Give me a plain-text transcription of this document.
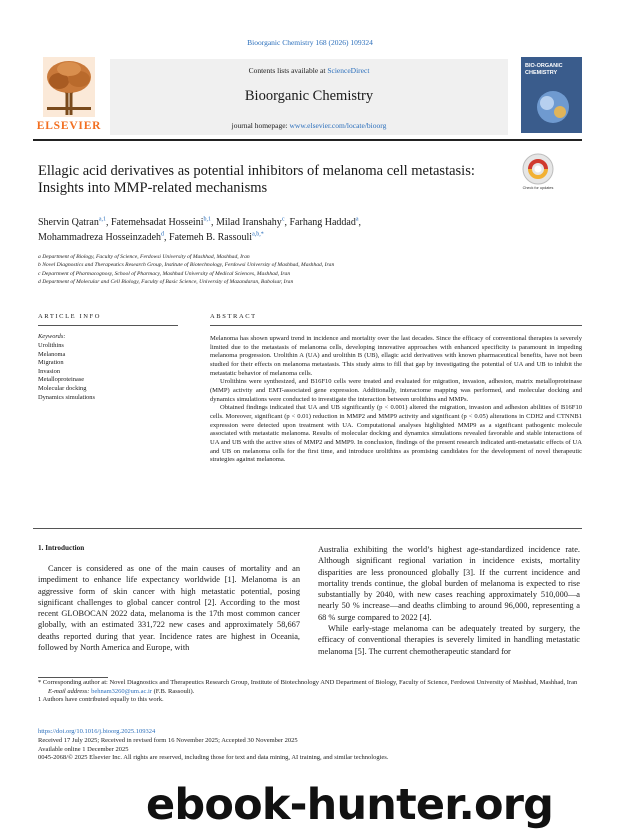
Bioorganic Chemistry 168 (2026) 109324
Contents lists available at ScienceDirect
Bioorganic Chemistry
journal homepage: www.elsevier.com/locate/bioorg
ELSEVIER
BIO-ORGANIC CHEMISTRY
Check for updates
Ellagic acid derivatives as potential inhibitors of melanoma cell metastasis: Insights into MMP-related mechanisms
Shervin Qatran$^{a,1}$, Fatemehsadat Hosseini$^{b,1}$, Milad Iranshahy$^c$, Farhang Haddad$^a$,
Mohammadreza Hosseinzadeh$^d$, Fatemeh B. Rassouli$^{a,b,*}$
a Department of Biology, Faculty of Science, Ferdowsi University of Mashhad, Mashhad, Iran
b Novel Diagnostics and Therapeutics Research Group, Institute of Biotechnology, Ferdowsi University of Mashhad, Mashhad, Iran
c Department of Pharmacognosy, School of Pharmacy, Mashhad University of Medical Sciences, Mashhad, Iran
d Department of Molecular and Cell Biology, Faculty of Basic Science, University of Mazandaran, Babolsar, Iran
ARTICLE INFO	ABSTRACT
Keywords:
Urolithins
Melanoma
Migration
Invasion
Metalloproteinase
Molecular docking
Dynamics simulations

Melanoma has shown upward trend in incidence and mortality over the last decades. Since the efficacy of conventional therapies is severely limited due to the metastasis of melanoma cells, developing innovative approaches with enhanced specificity is paramount in impeding melanoma progression. Urolithin A (UA) and urolithin B (UB), ellagic acid derivatives with known pharmaceutical benefits, have not been studied for their effects on melanoma metastasis. This study aims to fill that gap by investigating the potential of UA and UB to inhibit the metastatic behavior of melanoma cells.

Urolithins were synthesized, and B16F10 cells were treated and evaluated for migration, invasion, adhesion, matrix metalloproteinase (MMP) activity and EMT-associated gene expression. Additionally, interactome mapping was performed, and molecular docking and dynamics simulations were conducted to investigate the interaction between urolithins and MMPs.

Obtained findings indicated that UA and UB significantly (p < 0.001) altered the migration, invasion and adhesion abilities of B16F10 cells. Moreover, significant (p < 0.01) reduction in MMP2 and MMP9 activity and significant (p < 0.05) alterations in CDH2 and CTNNB1 expression were detected upon treatment with UA. Computational analyses highlighted MMP9 as a significant pathogenic molecule associated with metastatic melanoma. Results of molecular docking and dynamics simulations revealed favorable and stable interactions of UA and UB with the active sites of MMP2 and MMP9. In conclusion, findings of the present research indicated anti-metastatic effects of UA and UB on melanoma cells for the first time, and introduce urolithins as promising candidates for the development of novel therapeutic strategies against melanoma.

1. Introduction
Cancer is considered as one of the main causes of mortality and an impediment to enhance life expectancy worldwide [1]. Melanoma is an aggressive form of skin cancer with high metastatic potential, posing significant challenges to global cancer control [2]. According to the most recent GLOBOCAN 2022 data, melanoma is the 17th most common cancer globally, with an estimated 331,722 new cases and approximately 58,667 deaths reported during that year. Incidence rates are highest in Oceania, followed by North America and Europe, with

Australia exhibiting the world’s highest age-standardized incidence rate. Although significant regional variation in incidence exists, mortality disparities are less pronounced globally [3]. If the current incidence and mortality trends continue, the global burden of melanoma is expected to rise substantially by 2040, with new cases reaching approximately 510,000—a nearly 50 % increase—and deaths climbing to around 96,000, representing a 68 % surge compared to 2022 [4].

While early-stage melanoma can be adequately treated by surgery, the efficacy of conventional therapies is severely limited in handling metastatic melanoma [5]. The current chemotherapeutic standard for

* Corresponding author at: Novel Diagnostics and Therapeutics Research Group, Institute of Biotechnology AND Department of Biology, Faculty of Science, Ferdowsi University of Mashhad, Mashhad, Iran
E-mail address: behnam3260@um.ac.ir (F.B. Rassouli).
1 Authors have contributed equally to this work.
https://doi.org/10.1016/j.bioorg.2025.109324
Received 17 July 2025; Received in revised form 16 November 2025; Accepted 30 November 2025
Available online 1 December 2025
0045-2068/© 2025 Elsevier Inc. All rights are reserved, including those for text and data mining, AI training, and similar technologies.
ebook-hunter.org
